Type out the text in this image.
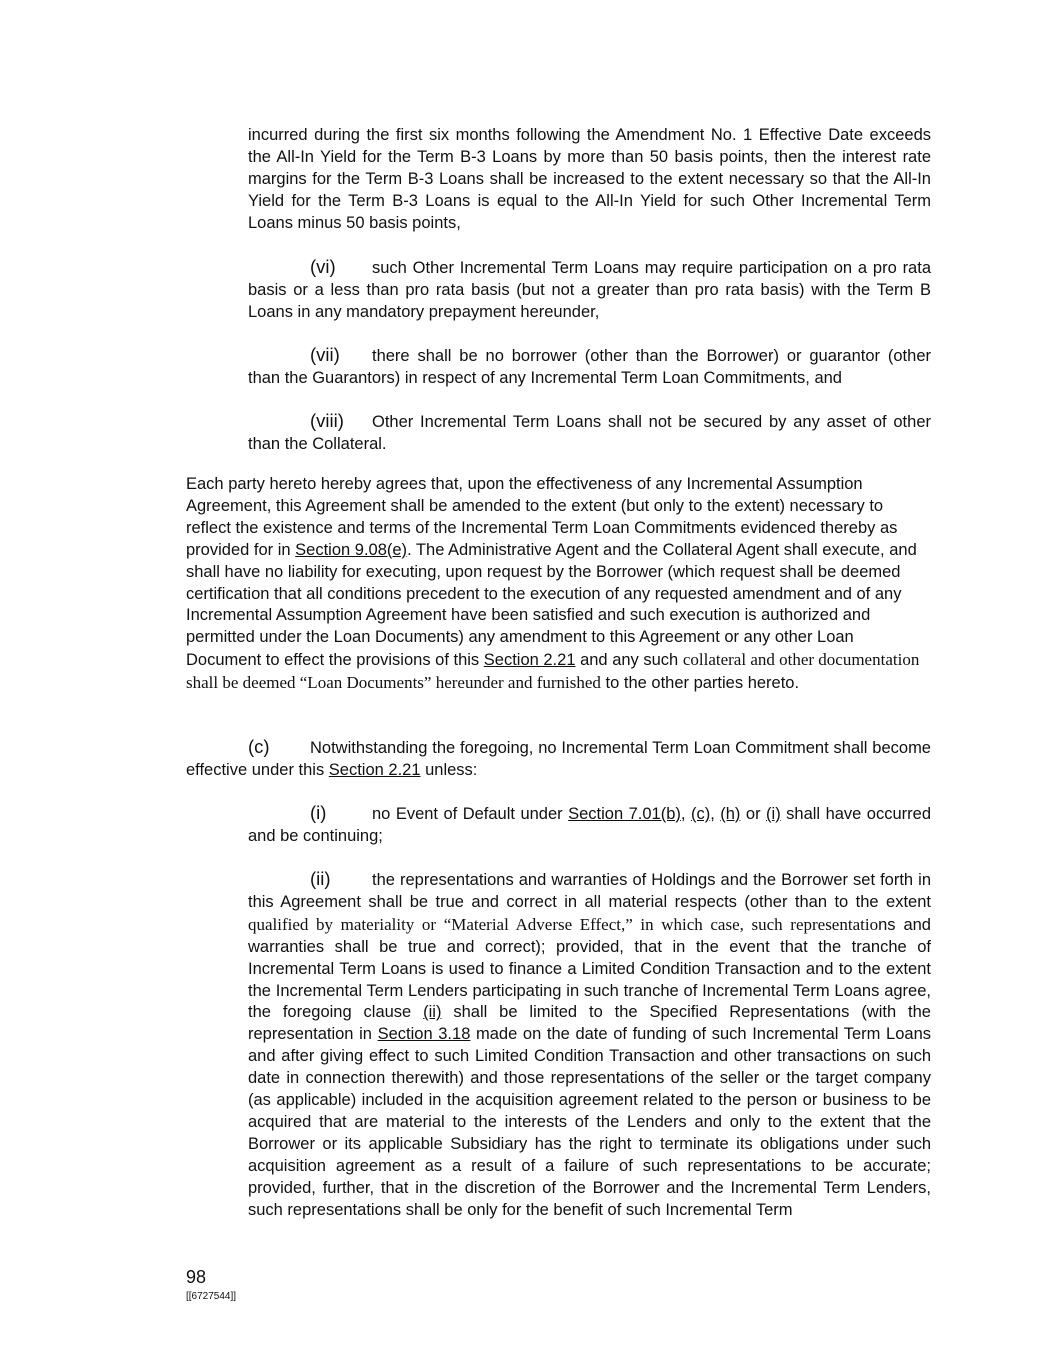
incurred during the first six months following the Amendment No. 1 Effective Date exceeds the All-In Yield for the Term B-3 Loans by more than 50 basis points, then the interest rate margins for the Term B-3 Loans shall be increased to the extent necessary so that the All-In Yield for the Term B-3 Loans is equal to the All-In Yield for such Other Incremental Term Loans minus 50 basis points,

(vi) such Other Incremental Term Loans may require participation on a pro rata basis or a less than pro rata basis (but not a greater than pro rata basis) with the Term B Loans in any mandatory prepayment hereunder,

(vii) there shall be no borrower (other than the Borrower) or guarantor (other than the Guarantors) in respect of any Incremental Term Loan Commitments, and

(viii) Other Incremental Term Loans shall not be secured by any asset of other than the Collateral.

Each party hereto hereby agrees that, upon the effectiveness of any Incremental Assumption Agreement, this Agreement shall be amended to the extent (but only to the extent) necessary to reflect the existence and terms of the Incremental Term Loan Commitments evidenced thereby as provided for in Section 9.08(e). The Administrative Agent and the Collateral Agent shall execute, and shall have no liability for executing, upon request by the Borrower (which request shall be deemed certification that all conditions precedent to the execution of any requested amendment and of any Incremental Assumption Agreement have been satisfied and such execution is authorized and permitted under the Loan Documents) any amendment to this Agreement or any other Loan Document to effect the provisions of this Section 2.21 and any such collateral and other documentation shall be deemed “Loan Documents” hereunder and furnished to the other parties hereto.

(c) Notwithstanding the foregoing, no Incremental Term Loan Commitment shall become effective under this Section 2.21 unless:

(i)	no Event of Default under Section 7.01(b), (c), (h) or (i) shall have occurred and be continuing;

(ii)	the representations and warranties of Holdings and the Borrower set forth in this Agreement shall be true and correct in all material respects (other than to the extent qualified by materiality or “Material Adverse Effect,” in which case, such representations and warranties shall be true and correct); provided, that in the event that the tranche of Incremental Term Loans is used to finance a Limited Condition Transaction and to the extent the Incremental Term Lenders participating in such tranche of Incremental Term Loans agree, the foregoing clause (ii) shall be limited to the Specified Representations (with the representation in Section 3.18 made on the date of funding of such Incremental Term Loans and after giving effect to such Limited Condition Transaction and other transactions on such date in connection therewith) and those representations of the seller or the target company (as applicable) included in the acquisition agreement related to the person or business to be acquired that are material to the interests of the Lenders and only to the extent that the Borrower or its applicable Subsidiary has the right to terminate its obligations under such acquisition agreement as a result of a failure of such representations to be accurate; provided, further, that in the discretion of the Borrower and the Incremental Term Lenders, such representations shall be only for the benefit of such Incremental Term

98
[[6727544]]
